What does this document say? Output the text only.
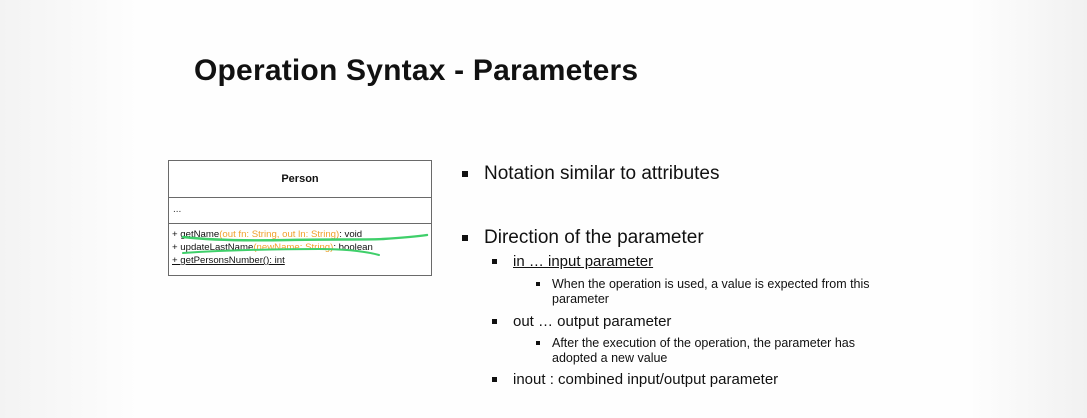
Operation Syntax - Parameters
Person
...
+ getName(out fn: String, out ln: String): void
+ updateLastName(newName: String): boolean
+ getPersonsNumber(): int
Notation similar to attributes
Direction of the parameter
in … input parameter
When the operation is used, a value is expected from this parameter
out … output parameter
After the execution of the operation, the parameter has adopted a new value
inout : combined input/output parameter
